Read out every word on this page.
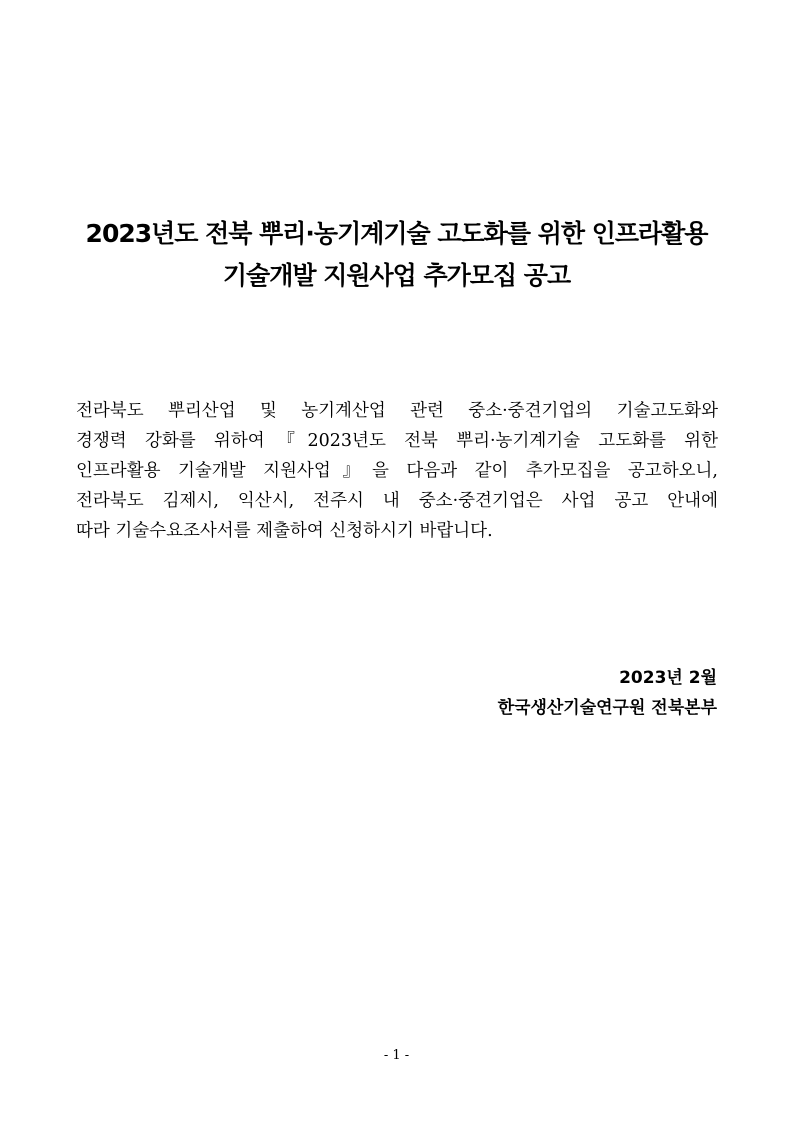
2023년도 전북 뿌리·농기계기술 고도화를 위한 인프라활용
기술개발 지원사업 추가모집 공고

전라북도 뿌리산업 및 농기계산업 관련 중소·중견기업의 기술고도화와
경쟁력 강화를 위하여『2023년도 전북 뿌리·농기계기술 고도화를 위한
인프라활용 기술개발 지원사업』을 다음과 같이 추가모집을 공고하오니,
전라북도 김제시, 익산시, 전주시 내 중소·중견기업은 사업 공고 안내에
따라 기술수요조사서를 제출하여 신청하시기 바랍니다.

2023년 2월

한국생산기술연구원 전북본부

- 1 -
